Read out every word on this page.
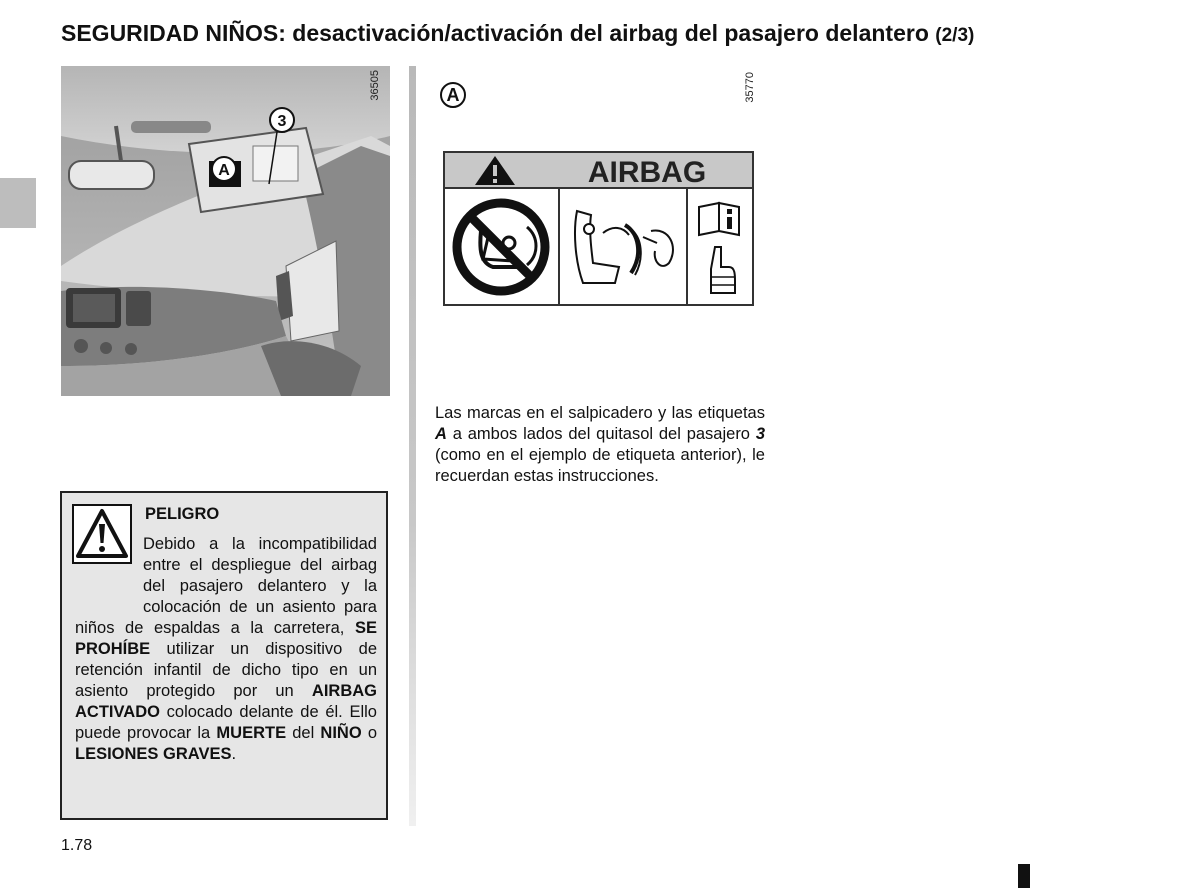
SEGURIDAD NIÑOS: desactivación/activación del airbag del pasajero delantero (2/3)
3
A
36505	A	35770
AIRBAG
Las marcas en el salpicadero y las etiquetas A a ambos lados del quitasol del pasajero 3 (como en el ejemplo de etiqueta anterior), le recuerdan estas instrucciones.
PELIGRO
Debido a la incompatibilidad entre el despliegue del airbag del pasajero delantero y la colocación de un asiento para niños de espaldas a la carretera, SE PROHÍBE utilizar un dispositivo de retención infantil de dicho tipo en un asiento protegido por un AIRBAG ACTIVADO colocado delante de él. Ello puede provocar la MUERTE del NIÑO o LESIONES GRAVES.
1.78
